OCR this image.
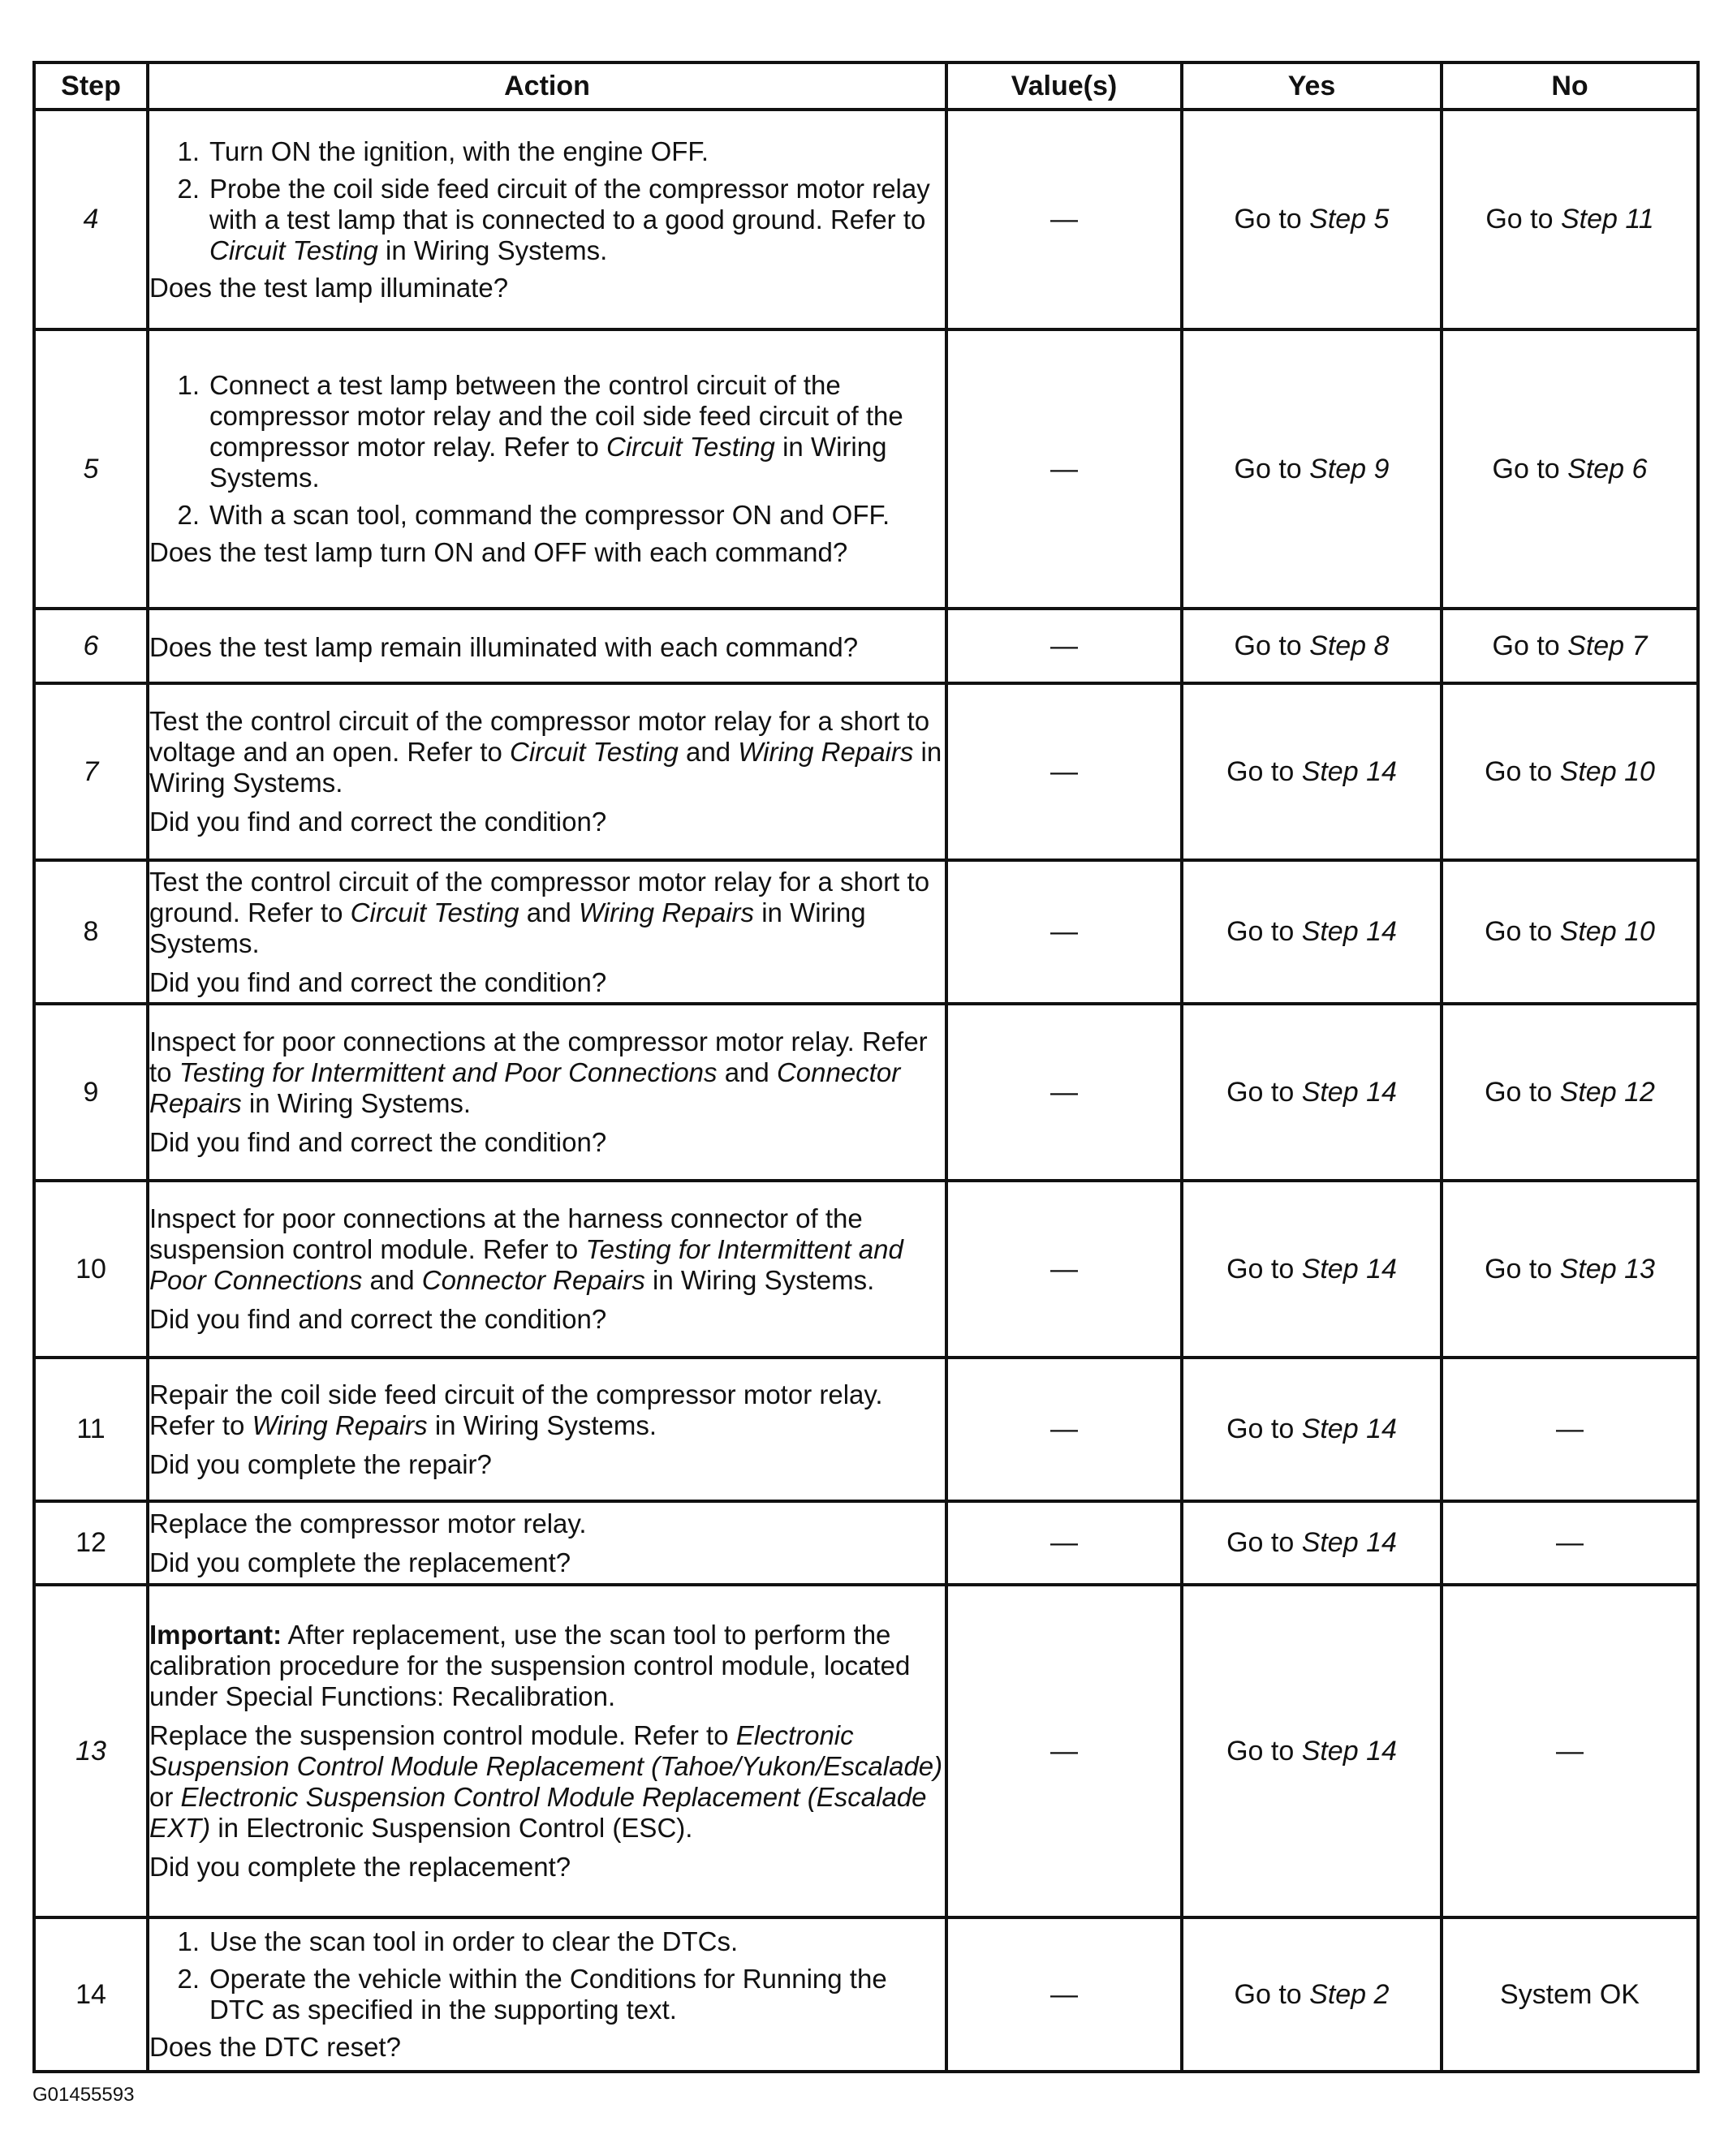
Step	Action	Value(s)	Yes	No
4	1. Turn ON the ignition, with the engine OFF.
2. Probe the coil side feed circuit of the compressor motor relay with a test lamp that is connected to a good ground. Refer to Circuit Testing in Wiring Systems.
Does the test lamp illuminate?	—	Go to Step 5	Go to Step 11
5	1. Connect a test lamp between the control circuit of the compressor motor relay and the coil side feed circuit of the compressor motor relay. Refer to Circuit Testing in Wiring Systems.
2. With a scan tool, command the compressor ON and OFF.
Does the test lamp turn ON and OFF with each command?	—	Go to Step 9	Go to Step 6
6	Does the test lamp remain illuminated with each command?	—	Go to Step 8	Go to Step 7
7	Test the control circuit of the compressor motor relay for a short to voltage and an open. Refer to Circuit Testing and Wiring Repairs in Wiring Systems.
Did you find and correct the condition?	—	Go to Step 14	Go to Step 10
8	Test the control circuit of the compressor motor relay for a short to ground. Refer to Circuit Testing and Wiring Repairs in Wiring Systems.
Did you find and correct the condition?	—	Go to Step 14	Go to Step 10
9	Inspect for poor connections at the compressor motor relay. Refer to Testing for Intermittent and Poor Connections and Connector Repairs in Wiring Systems.
Did you find and correct the condition?	—	Go to Step 14	Go to Step 12
10	Inspect for poor connections at the harness connector of the suspension control module. Refer to Testing for Intermittent and Poor Connections and Connector Repairs in Wiring Systems.
Did you find and correct the condition?	—	Go to Step 14	Go to Step 13
11	Repair the coil side feed circuit of the compressor motor relay. Refer to Wiring Repairs in Wiring Systems.
Did you complete the repair?	—	Go to Step 14	—
12	Replace the compressor motor relay.
Did you complete the replacement?	—	Go to Step 14	—
13	Important: After replacement, use the scan tool to perform the calibration procedure for the suspension control module, located under Special Functions: Recalibration.
Replace the suspension control module. Refer to Electronic Suspension Control Module Replacement (Tahoe/Yukon/Escalade) or Electronic Suspension Control Module Replacement (Escalade EXT) in Electronic Suspension Control (ESC).
Did you complete the replacement?	—	Go to Step 14	—
14	1. Use the scan tool in order to clear the DTCs.
2. Operate the vehicle within the Conditions for Running the DTC as specified in the supporting text.
Does the DTC reset?	—	Go to Step 2	System OK
G01455593
